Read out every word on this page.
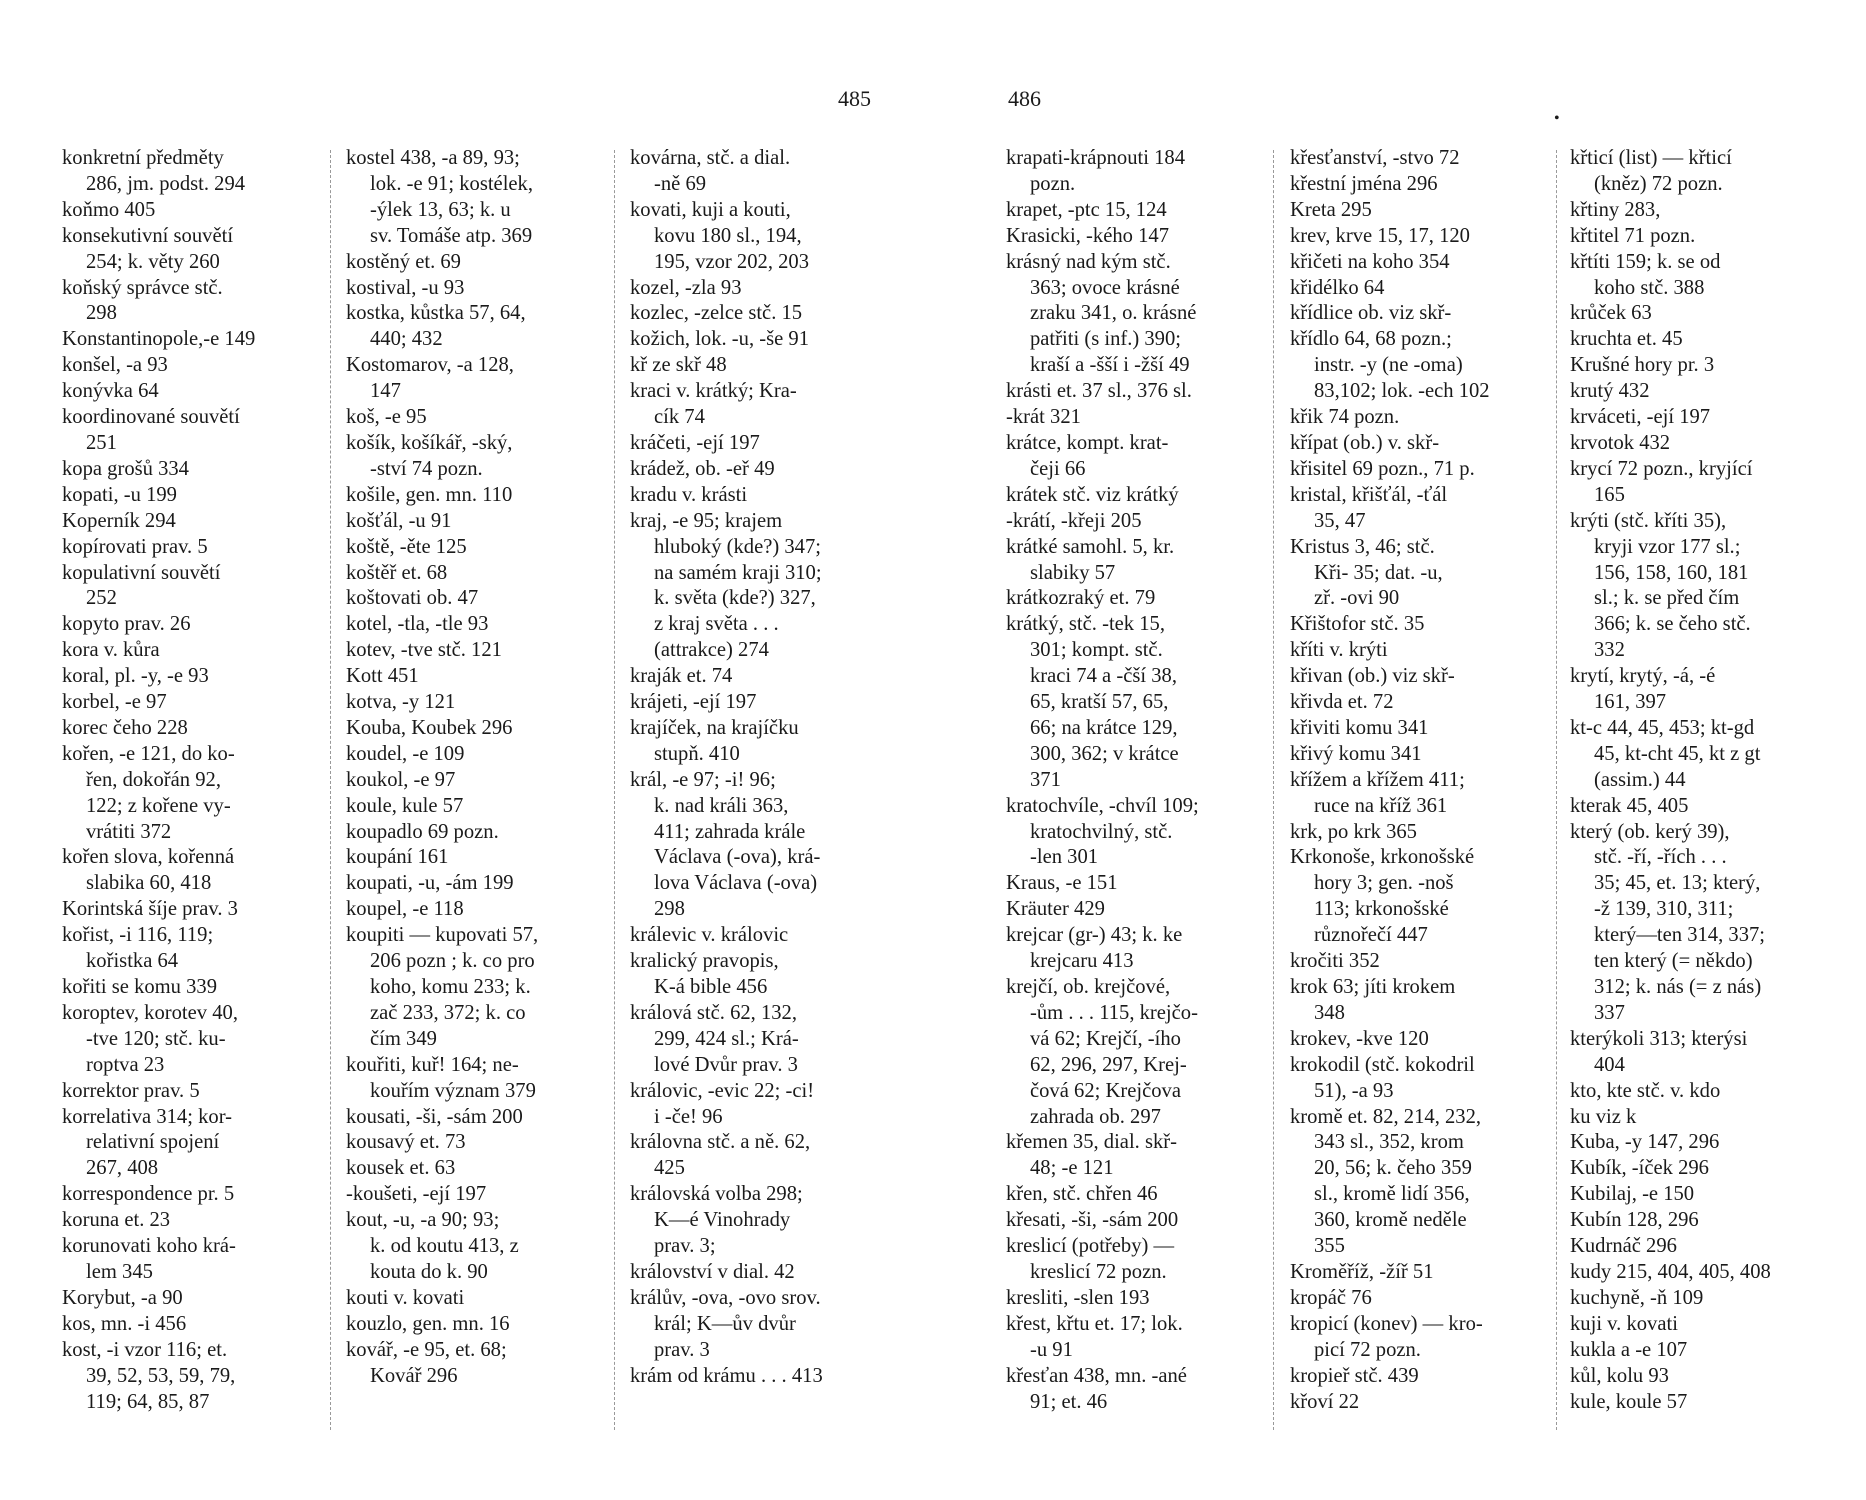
485	486
•
konkretní předměty
286, jm. podst. 294
koňmo 405
konsekutivní souvětí
254; k. věty 260
koňský správce stč.
298
Konstantinopole,-e 149
konšel, -a 93
konývka 64
koordinované souvětí
251
kopa grošů 334
kopati, -u 199
Koperník 294
kopírovati prav. 5
kopulativní souvětí
252
kopyto prav. 26
kora v. kůra
koral, pl. -y, -e 93
korbel, -e 97
korec čeho 228
kořen, -e 121, do ko-
řen, dokořán 92,
122; z kořene vy-
vrátiti 372
kořen slova, kořenná
slabika 60, 418
Korintská šíje prav. 3
kořist, -i 116, 119;
kořistka 64
kořiti se komu 339
koroptev, korotev 40,
-tve 120; stč. ku-
roptva 23
korrektor prav. 5
korrelativa 314; kor-
relativní spojení
267, 408
korrespondence pr. 5
koruna et. 23
korunovati koho krá-
lem 345
Korybut, -a 90
kos, mn. -i 456
kost, -i vzor 116; et.
39, 52, 53, 59, 79,
119; 64, 85, 87
kostel 438, -a 89, 93;
lok. -e 91; kostélek,
-ýlek 13, 63; k. u
sv. Tomáše atp. 369
kostěný et. 69
kostival, -u 93
kostka, kůstka 57, 64,
440; 432
Kostomarov, -a 128,
147
koš, -e 95
košík, košíkář, -ský,
-ství 74 pozn.
košile, gen. mn. 110
košťál, -u 91
koště, -ěte 125
koštěř et. 68
koštovati ob. 47
kotel, -tla, -tle 93
kotev, -tve stč. 121
Kott 451
kotva, -y 121
Kouba, Koubek 296
koudel, -e 109
koukol, -e 97
koule, kule 57
koupadlo 69 pozn.
koupání 161
koupati, -u, -ám 199
koupel, -e 118
koupiti — kupovati 57,
206 pozn ; k. co pro
koho, komu 233; k.
zač 233, 372; k. co
čím 349
kouřiti, kuř! 164; ne-
kouřím význam 379
kousati, -ši, -sám 200
kousavý et. 73
kousek et. 63
-koušeti, -ejí 197
kout, -u, -a 90; 93;
k. od koutu 413, z
kouta do k. 90
kouti v. kovati
kouzlo, gen. mn. 16
kovář, -e 95, et. 68;
Kovář 296
kovárna, stč. a dial.
-ně 69
kovati, kuji a kouti,
kovu 180 sl., 194,
195, vzor 202, 203
kozel, -zla 93
kozlec, -zelce stč. 15
kožich, lok. -u, -še 91
kř ze skř 48
kraci v. krátký; Kra-
cík 74
kráčeti, -ejí 197
krádež, ob. -eř 49
kradu v. krásti
kraj, -e 95; krajem
hluboký (kde?) 347;
na samém kraji 310;
k. světa (kde?) 327,
z kraj světa . . .
(attrakce) 274
kraják et. 74
krájeti, -ejí 197
krajíček, na krajíčku
stupň. 410
král, -e 97; -i! 96;
k. nad králi 363,
411; zahrada krále
Václava (-ova), krá-
lova Václava (-ova)
298
králevic v. královic
kralický pravopis,
K-á bible 456
králová stč. 62, 132,
299, 424 sl.; Krá-
lové Dvůr prav. 3
královic, -evic 22; -ci!
i -če! 96
královna stč. a ně. 62,
425
královská volba 298;
K—é Vinohrady
prav. 3;
království v dial. 42
králův, -ova, -ovo srov.
král; K—ův dvůr
prav. 3
krám od krámu . . . 413
krapati-krápnouti 184
pozn.
krapet, -ptc 15, 124
Krasicki, -kého 147
krásný nad kým stč.
363; ovoce krásné
zraku 341, o. krásné
patřiti (s inf.) 390;
kraší a -šší i -žší 49
krásti et. 37 sl., 376 sl.
-krát 321
krátce, kompt. krat-
čeji 66
krátek stč. viz krátký
-krátí, -křeji 205
krátké samohl. 5, kr.
slabiky 57
krátkozraký et. 79
krátký, stč. -tek 15,
301; kompt. stč.
kraci 74 a -čší 38,
65, kratší 57, 65,
66; na krátce 129,
300, 362; v krátce
371
kratochvíle, -chvíl 109;
kratochvilný, stč.
-len 301
Kraus, -e 151
Kräuter 429
krejcar (gr-) 43; k. ke
krejcaru 413
krejčí, ob. krejčové,
-ům . . . 115, krejčo-
vá 62; Krejčí, -ího
62, 296, 297, Krej-
čová 62; Krejčova
zahrada ob. 297
křemen 35, dial. skř-
48; -e 121
křen, stč. chřen 46
křesati, -ši, -sám 200
kreslicí (potřeby) —
kreslicí 72 pozn.
kresliti, -slen 193
křest, křtu et. 17; lok.
-u 91
křesťan 438, mn. -ané
91; et. 46
křesťanství, -stvo 72
křestní jména 296
Kreta 295
krev, krve 15, 17, 120
křičeti na koho 354
křidélko 64
křídlice ob. viz skř-
křídlo 64, 68 pozn.;
instr. -y (ne -oma)
83,102; lok. -ech 102
křik 74 pozn.
křípat (ob.) v. skř-
křisitel 69 pozn., 71 p.
kristal, křišťál, -ťál
35, 47
Kristus 3, 46; stč.
Kři- 35; dat. -u,
zř. -ovi 90
Křištofor stč. 35
kříti v. krýti
křivan (ob.) viz skř-
křivda et. 72
křiviti komu 341
křivý komu 341
křížem a křížem 411;
ruce na kříž 361
krk, po krk 365
Krkonoše, krkonošské
hory 3; gen. -noš
113; krkonošské
různořečí 447
kročiti 352
krok 63; jíti krokem
348
krokev, -kve 120
krokodil (stč. kokodril
51), -a 93
kromě et. 82, 214, 232,
343 sl., 352, krom
20, 56; k. čeho 359
sl., kromě lidí 356,
360, kromě neděle
355
Kroměříž, -žíř 51
kropáč 76
kropicí (konev) — kro-
picí 72 pozn.
kropieř stč. 439
křoví 22
křticí (list) — křticí
(kněz) 72 pozn.
křtiny 283,
křtitel 71 pozn.
křtíti 159; k. se od
koho stč. 388
krůček 63
kruchta et. 45
Krušné hory pr. 3
krutý 432
krváceti, -ejí 197
krvotok 432
krycí 72 pozn., kryjící
165
krýti (stč. kříti 35),
kryji vzor 177 sl.;
156, 158, 160, 181
sl.; k. se před čím
366; k. se čeho stč.
332
krytí, krytý, -á, -é
161, 397
kt-c 44, 45, 453; kt-gd
45, kt-cht 45, kt z gt
(assim.) 44
kterak 45, 405
který (ob. kerý 39),
stč. -ří, -řích . . .
35; 45, et. 13; který,
-ž 139, 310, 311;
který—ten 314, 337;
ten který (= někdo)
312; k. nás (= z nás)
337
kterýkoli 313; kterýsi
404
kto, kte stč. v. kdo
ku viz k
Kuba, -y 147, 296
Kubík, -íček 296
Kubilaj, -e 150
Kubín 128, 296
Kudrnáč 296
kudy 215, 404, 405, 408
kuchyně, -ň 109
kuji v. kovati
kukla a -e 107
kůl, kolu 93
kule, koule 57
